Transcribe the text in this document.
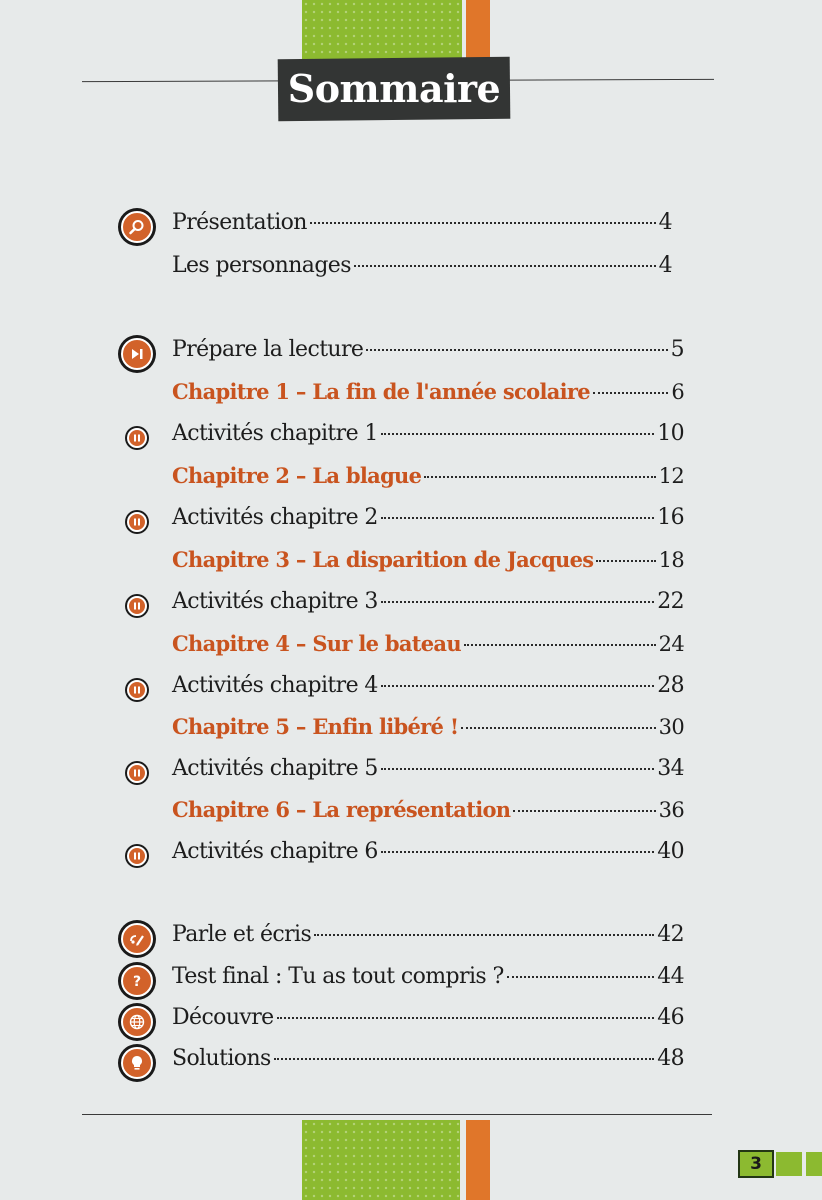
Sommaire
Présentation	4
Les personnages	4
Prépare la lecture	5
Chapitre 1 – La fin de l'année scolaire	6
Activités chapitre 1	10
Chapitre 2 – La blague	12
Activités chapitre 2	16
Chapitre 3 – La disparition de Jacques	18
Activités chapitre 3	22
Chapitre 4 – Sur le bateau	24
Activités chapitre 4	28
Chapitre 5 – Enfin libéré !	30
Activités chapitre 5	34
Chapitre 6 – La représentation	36
Activités chapitre 6	40
Parle et écris	42
Test final : Tu as tout compris ?	44
?
Découvre	46
Solutions	48
3
